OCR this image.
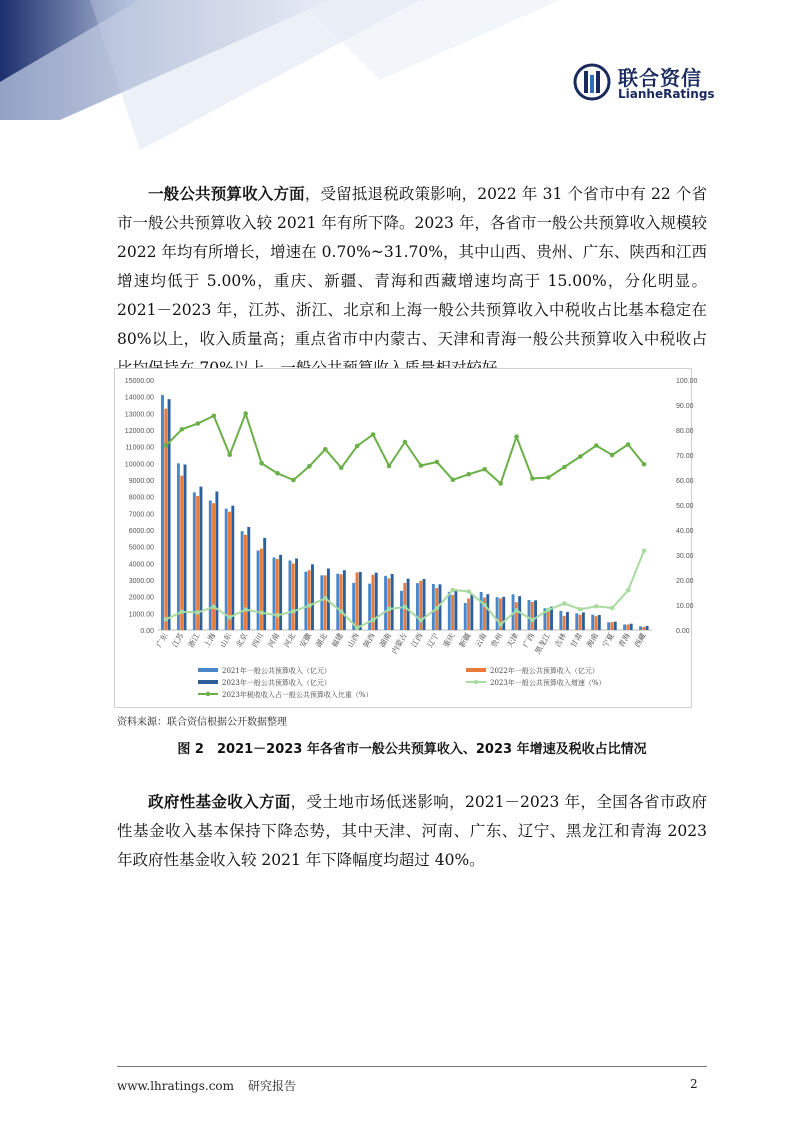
联合资信
LianheRatings
一般公共预算收入方面，受留抵退税政策影响，2022 年 31 个省市中有 22 个省市一般公共预算收入较 2021 年有所下降。2023 年，各省市一般公共预算收入规模较 2022 年均有所增长，增速在 0.70%~31.70%，其中山西、贵州、广东、陕西和江西增速均低于 5.00%，重庆、新疆、青海和西藏增速均高于 15.00%，分化明显。2021－2023 年，江苏、浙江、北京和上海一般公共预算收入中税收占比基本稳定在 80%以上，收入质量高；重点省市中内蒙古、天津和青海一般公共预算收入中税收占
0.00
1000.00
2000.00
3000.00
4000.00
5000.00
6000.00
7000.00
8000.00
9000.00
10000.00
11000.00
12000.00
13000.00
14000.00
15000.00
0.00
10.00
20.00
30.00
40.00
50.00
60.00
70.00
80.00
90.00
100.00
广东 江苏 浙江 上海 山东 北京 四川 河南 河北 安徽 湖北 福建 山西 陕西 湖南
内蒙古 江西 辽宁 重庆 新疆 云南 贵州 天津 广西
黑龙江 吉林 甘肃 海南 宁夏 青海 西藏
2021年一般公共预算收入（亿元）	2022年一般公共预算收入（亿元）
2023年一般公共预算收入（亿元）	2023年一般公共预算收入增速（%）
2023年税收收入占一般公共预算收入比重（%）
资料来源：联合资信根据公开数据整理
图 2　2021－2023 年各省市一般公共预算收入、2023 年增速及税收占比情况
政府性基金收入方面，受土地市场低迷影响，2021－2023 年，全国各省市政府性基金收入基本保持下降态势，其中天津、河南、广东、辽宁、黑龙江和青海 2023 年政府性基金收入较 2021 年下降幅度均超过 40%。
www.lhratings.com 研究报告	2
